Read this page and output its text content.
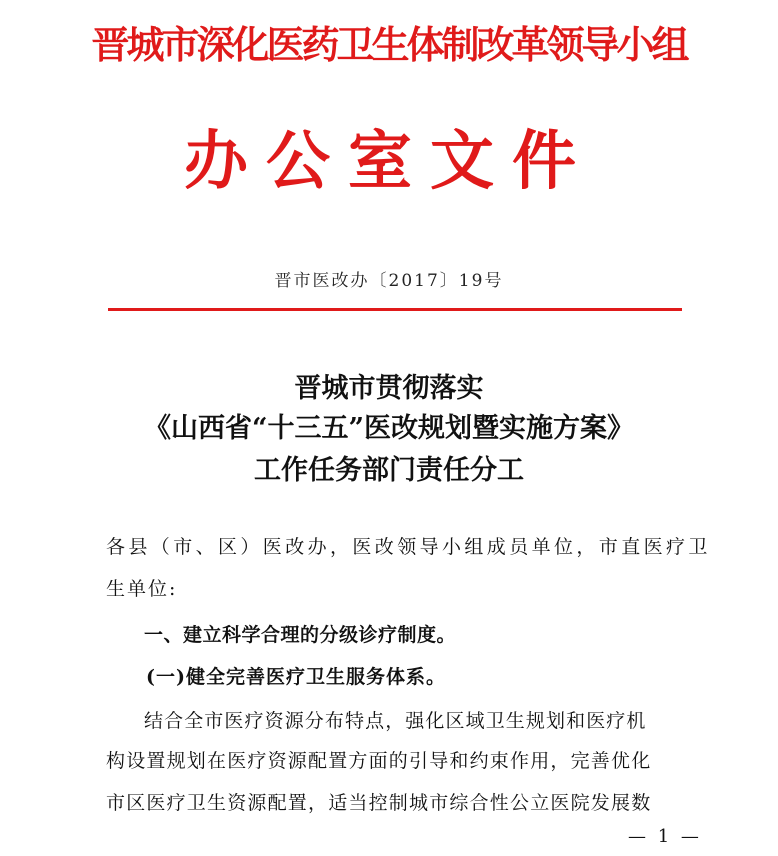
晋城市深化医药卫生体制改革领导小组
办公室文件
晋市医改办〔2017〕19号
晋城市贯彻落实
《山西省“十三五”医改规划暨实施方案》
工作任务部门责任分工
各县（市、区）医改办，医改领导小组成员单位，市直医疗卫
生单位:
一、建立科学合理的分级诊疗制度。
(一)健全完善医疗卫生服务体系。
结合全市医疗资源分布特点，强化区域卫生规划和医疗机
构设置规划在医疗资源配置方面的引导和约束作用，完善优化
市区医疗卫生资源配置，适当控制城市综合性公立医院发展数
— 1 —
